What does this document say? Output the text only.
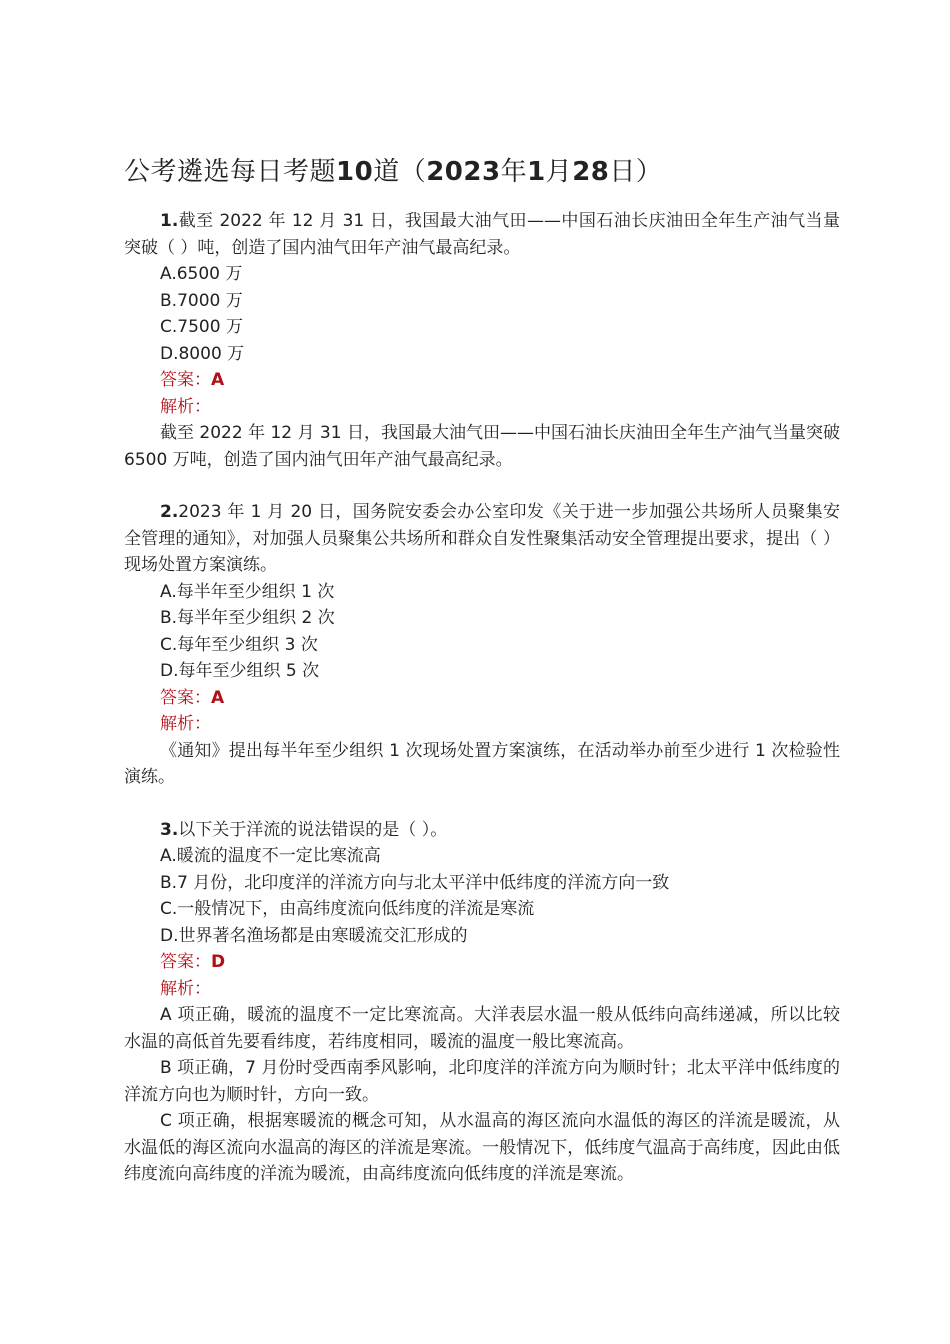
公考遴选每日考题10道（2023年1月28日）

1.截至 2022 年 12 月 31 日，我国最大油气田——中国石油长庆油田全年生产油气当量突破（ ）吨，创造了国内油气田年产油气最高纪录。

A.6500 万

B.7000 万

C.7500 万

D.8000 万

答案：A

解析：

截至 2022 年 12 月 31 日，我国最大油气田——中国石油长庆油田全年生产油气当量突破 6500 万吨，创造了国内油气田年产油气最高纪录。

2.2023 年 1 月 20 日，国务院安委会办公室印发《关于进一步加强公共场所人员聚集安全管理的通知》，对加强人员聚集公共场所和群众自发性聚集活动安全管理提出要求，提出（ ）现场处置方案演练。

A.每半年至少组织 1 次

B.每半年至少组织 2 次

C.每年至少组织 3 次

D.每年至少组织 5 次

答案：A

解析：

《通知》提出每半年至少组织 1 次现场处置方案演练，在活动举办前至少进行 1 次检验性演练。

3.以下关于洋流的说法错误的是（ ）。

A.暖流的温度不一定比寒流高

B.7 月份，北印度洋的洋流方向与北太平洋中低纬度的洋流方向一致

C.一般情况下，由高纬度流向低纬度的洋流是寒流

D.世界著名渔场都是由寒暖流交汇形成的

答案：D

解析：

A 项正确，暖流的温度不一定比寒流高。大洋表层水温一般从低纬向高纬递减，所以比较水温的高低首先要看纬度，若纬度相同，暖流的温度一般比寒流高。

B 项正确，7 月份时受西南季风影响，北印度洋的洋流方向为顺时针；北太平洋中低纬度的洋流方向也为顺时针，方向一致。

C 项正确，根据寒暖流的概念可知，从水温高的海区流向水温低的海区的洋流是暖流，从水温低的海区流向水温高的海区的洋流是寒流。一般情况下，低纬度气温高于高纬度，因此由低纬度流向高纬度的洋流为暖流，由高纬度流向低纬度的洋流是寒流。
